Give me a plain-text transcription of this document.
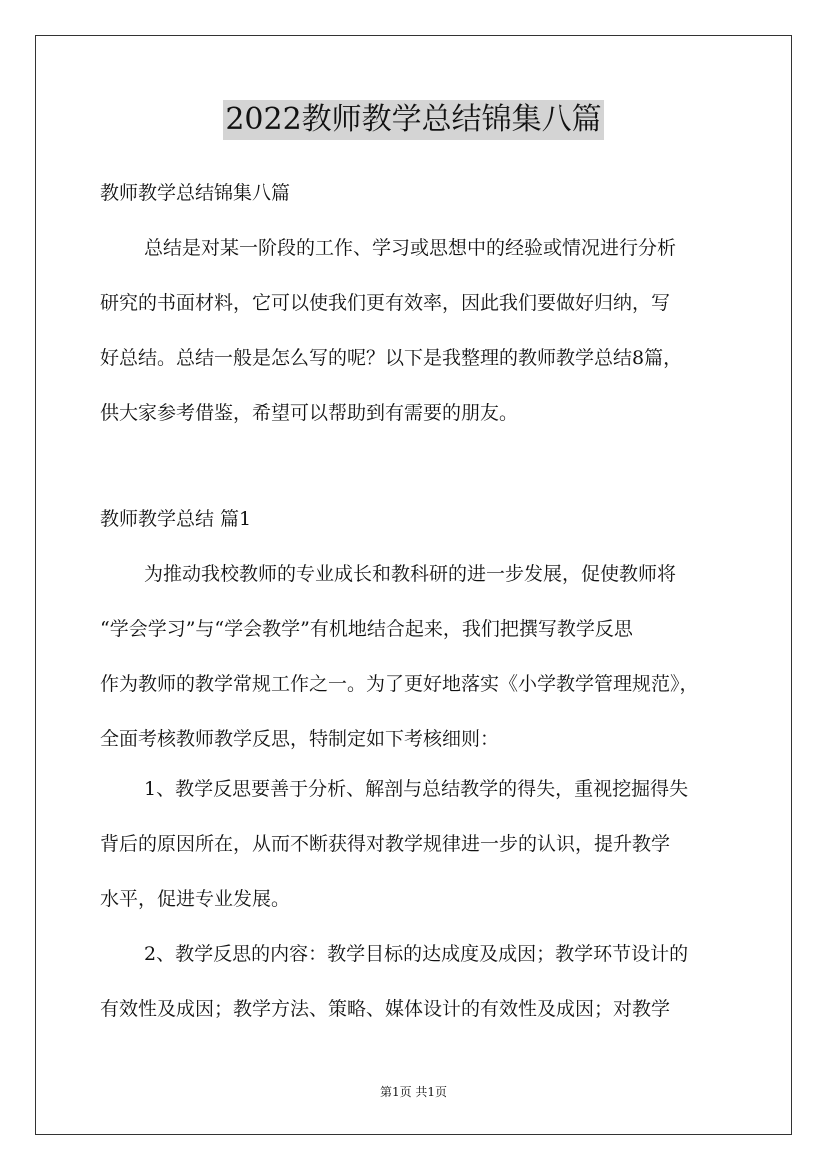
2022教师教学总结锦集八篇
教师教学总结锦集八篇
总结是对某一阶段的工作、学习或思想中的经验或情况进行分析
研究的书面材料，它可以使我们更有效率，因此我们要做好归纳，写
好总结。总结一般是怎么写的呢？以下是我整理的教师教学总结8篇，
供大家参考借鉴，希望可以帮助到有需要的朋友。
教师教学总结 篇1
为推动我校教师的专业成长和教科研的进一步发展，促使教师将
“学会学习”与“学会教学”有机地结合起来，我们把撰写教学反思
作为教师的教学常规工作之一。为了更好地落实《小学教学管理规范》，
全面考核教师教学反思，特制定如下考核细则：
1、教学反思要善于分析、解剖与总结教学的得失，重视挖掘得失
背后的原因所在，从而不断获得对教学规律进一步的认识，提升教学
水平，促进专业发展。
2、教学反思的内容：教学目标的达成度及成因；教学环节设计的
有效性及成因；教学方法、策略、媒体设计的有效性及成因；对教学
第1页 共1页
